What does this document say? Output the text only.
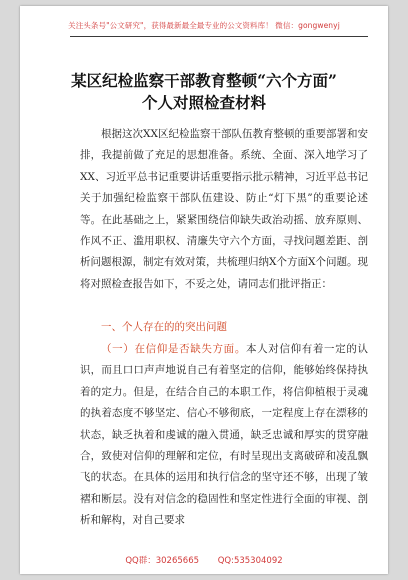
关注头条号"公文研究"，获得最新最全最专业的公文资料库！ 微信：gongwenyj
某区纪检监察干部教育整顿“六个方面”
个人对照检查材料

根据这次XX区纪检监察干部队伍教育整顿的重要部署和安排，我提前做了充足的思想准备。系统、全面、深入地学习了XX、习近平总书记重要讲话重要指示批示精神，习近平总书记关于加强纪检监察干部队伍建设、防止“灯下黑”的重要论述等。在此基础之上，紧紧围绕信仰缺失政治动摇、放弃原则、作风不正、滥用职权、清廉失守六个方面，寻找问题差距、剖析问题根源，制定有效对策，共梳理归纳X个方面X个问题。现将对照检查报告如下，不妥之处，请同志们批评指正：

一、个人存在的的突出问题

（一）在信仰是否缺失方面。本人对信仰有着一定的认识，而且口口声声地说自己有着坚定的信仰，能够始终保持执着的定力。但是，在结合自己的本职工作，将信仰植根于灵魂的执着态度不够坚定、信心不够彻底，一定程度上存在漂移的状态，缺乏执着和虔诚的融入贯通，缺乏忠诚和厚实的贯穿融合，致使对信仰的理解和定位，有时呈现出支离破碎和凌乱飘飞的状态。在具体的运用和执行信念的坚守还不够，出现了皱褶和断层。没有对信念的稳固性和坚定性进行全面的审视、剖析和解构，对自己要求

QQ群：30265665 QQ:535304092
